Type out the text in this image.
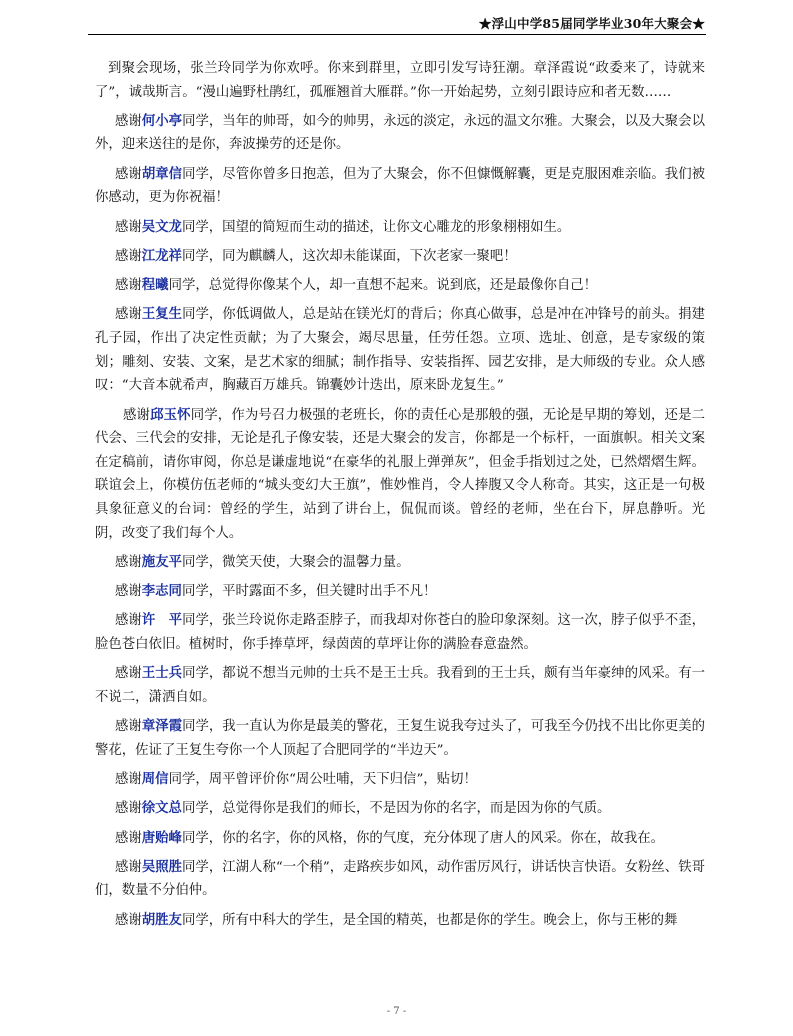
★浮山中学85届同学毕业30年大聚会★

到聚会现场，张兰玲同学为你欢呼。你来到群里，立即引发写诗狂潮。章泽霞说“政委来了，诗就来了”，诚哉斯言。“漫山遍野杜鹃红，孤雁翘首大雁群。”你一开始起势，立刻引跟诗应和者无数……

感谢何小亭同学，当年的帅哥，如今的帅男，永远的淡定，永远的温文尔雅。大聚会，以及大聚会以外，迎来送往的是你，奔波操劳的还是你。

感谢胡章信同学，尽管你曾多日抱恙，但为了大聚会，你不但慷慨解囊，更是克服困难亲临。我们被你感动，更为你祝福！

感谢吴文龙同学，国望的简短而生动的描述，让你文心雕龙的形象栩栩如生。

感谢江龙祥同学，同为麒麟人，这次却未能谋面，下次老家一聚吧！

感谢程曦同学，总觉得你像某个人，却一直想不起来。说到底，还是最像你自己！

感谢王复生同学，你低调做人，总是站在镁光灯的背后；你真心做事，总是冲在冲锋号的前头。捐建孔子园，作出了决定性贡献；为了大聚会，竭尽思量，任劳任怨。立项、选址、创意，是专家级的策划；雕刻、安装、文案，是艺术家的细腻；制作指导、安装指挥、园艺安排，是大师级的专业。众人感叹：“大音本就希声，胸藏百万雄兵。锦囊妙计迭出，原来卧龙复生。”

感谢邱玉怀同学，作为号召力极强的老班长，你的责任心是那般的强，无论是早期的筹划，还是二代会、三代会的安排，无论是孔子像安装，还是大聚会的发言，你都是一个标杆，一面旗帜。相关文案在定稿前，请你审阅，你总是谦虚地说“在豪华的礼服上弹弹灰”，但金手指划过之处，已然熠熠生辉。联谊会上，你模仿伍老师的“城头变幻大王旗”，惟妙惟肖，令人捧腹又令人称奇。其实，这正是一句极具象征意义的台词：曾经的学生，站到了讲台上，侃侃而谈。曾经的老师，坐在台下，屏息静听。光阴，改变了我们每个人。

感谢施友平同学，微笑天使，大聚会的温馨力量。

感谢李志同同学，平时露面不多，但关键时出手不凡！

感谢许　平同学，张兰玲说你走路歪脖子，而我却对你苍白的脸印象深刻。这一次，脖子似乎不歪，脸色苍白依旧。植树时，你手捧草坪，绿茵茵的草坪让你的满脸春意盎然。

感谢王士兵同学，都说不想当元帅的士兵不是王士兵。我看到的王士兵，颇有当年豪绅的风采。有一不说二，潇洒自如。

感谢章泽霞同学，我一直认为你是最美的警花，王复生说我夸过头了，可我至今仍找不出比你更美的警花，佐证了王复生夸你一个人顶起了合肥同学的“半边天”。

感谢周信同学，周平曾评价你“周公吐哺，天下归信”，贴切！

感谢徐文总同学，总觉得你是我们的师长，不是因为你的名字，而是因为你的气质。

感谢唐贻峰同学，你的名字，你的风格，你的气度，充分体现了唐人的风采。你在，故我在。

感谢吴照胜同学，江湖人称“一个稍”，走路疾步如风，动作雷厉风行，讲话快言快语。女粉丝、铁哥们，数量不分伯仲。

感谢胡胜友同学，所有中科大的学生，是全国的精英，也都是你的学生。晚会上，你与王彬的舞

- 7 -
